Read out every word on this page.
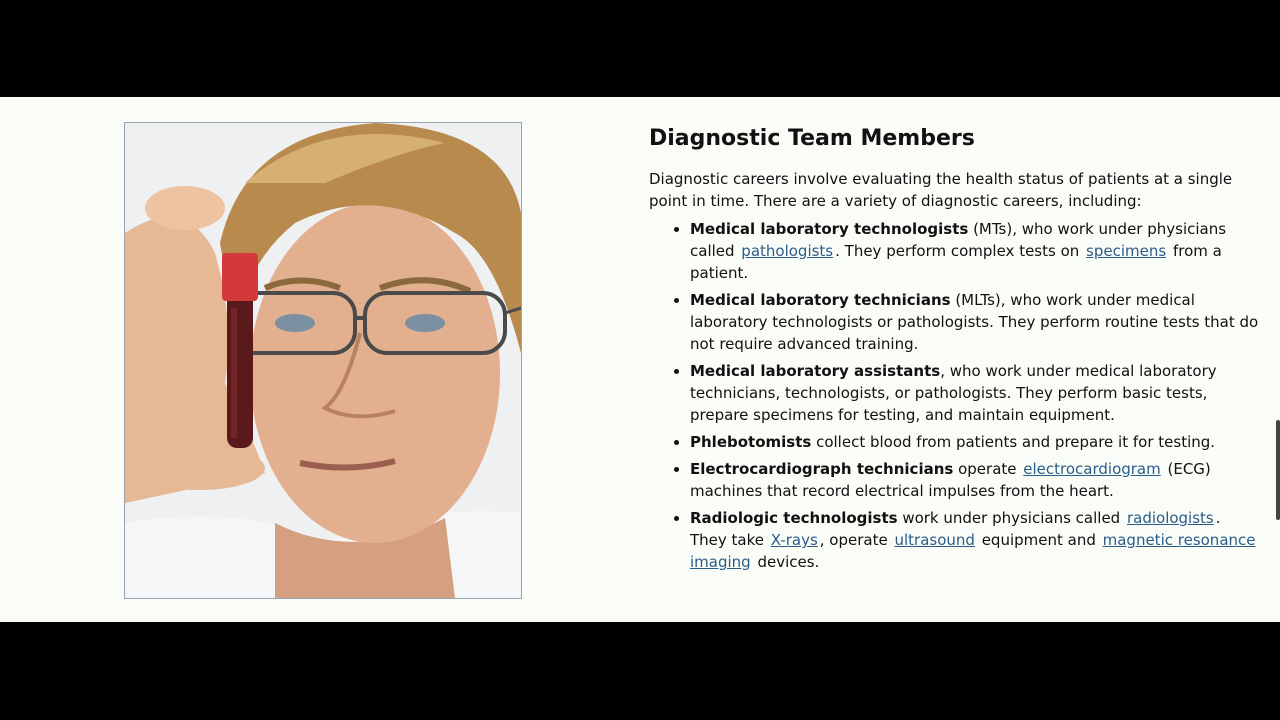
Diagnostic Team Members

Diagnostic careers involve evaluating the health status of patients at a single point in time. There are a variety of diagnostic careers, including:

• Medical laboratory technologists (MTs), who work under physicians called pathologists . They perform complex tests on specimens from a patient.
• Medical laboratory technicians (MLTs), who work under medical laboratory technologists or pathologists. They perform routine tests that do not require advanced training.
• Medical laboratory assistants, who work under medical laboratory technicians, technologists, or pathologists. They perform basic tests, prepare specimens for testing, and maintain equipment.
• Phlebotomists collect blood from patients and prepare it for testing.
• Electrocardiograph technicians operate electrocardiogram (ECG) machines that record electrical impulses from the heart.
• Radiologic technologists work under physicians called radiologists . They take X-rays , operate ultrasound equipment and magnetic resonance imaging devices.
